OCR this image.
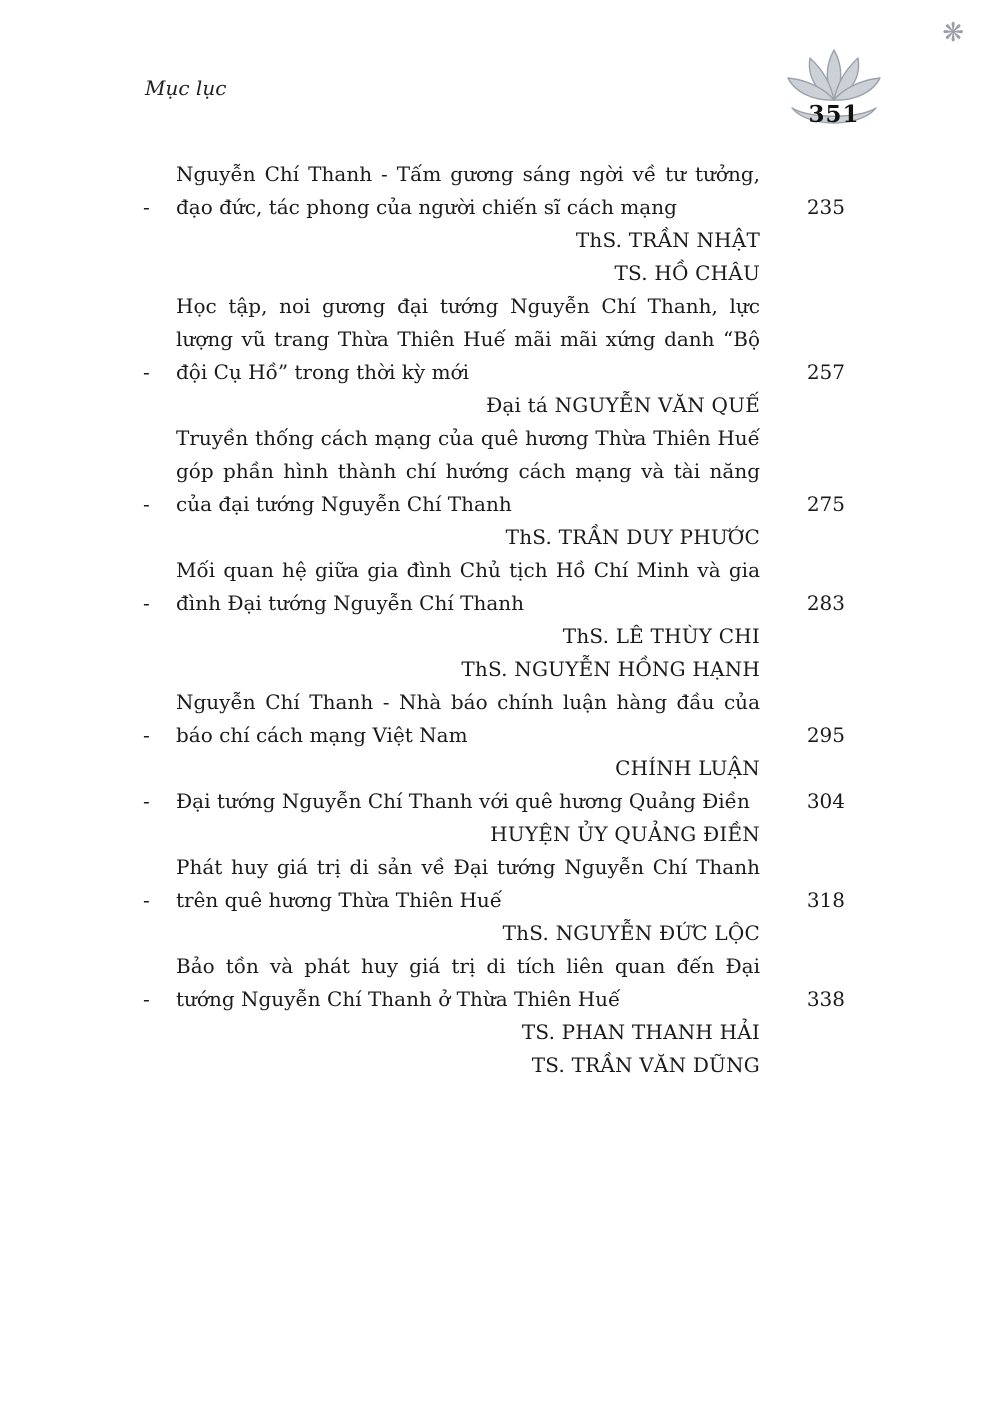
❋
Mục lục
351
-
Nguyễn Chí Thanh - Tấm gương sáng ngời về tư tưởng, đạo đức, tác phong của người chiến sĩ cách mạng	235
ThS. TRẦN NHẬT
TS. HỒ CHÂU
-
Học tập, noi gương đại tướng Nguyễn Chí Thanh, lực lượng vũ trang Thừa Thiên Huế mãi mãi xứng danh “Bộ đội Cụ Hồ” trong thời kỳ mới	257
Đại tá NGUYỄN VĂN QUẾ
-
Truyền thống cách mạng của quê hương Thừa Thiên Huế góp phần hình thành chí hướng cách mạng và tài năng của đại tướng Nguyễn Chí Thanh	275
ThS. TRẦN DUY PHƯỚC
-
Mối quan hệ giữa gia đình Chủ tịch Hồ Chí Minh và gia đình Đại tướng Nguyễn Chí Thanh	283
ThS. LÊ THÙY CHI
ThS. NGUYỄN HỒNG HẠNH
-
Nguyễn Chí Thanh - Nhà báo chính luận hàng đầu của báo chí cách mạng Việt Nam	295
CHÍNH LUẬN
-	Đại tướng Nguyễn Chí Thanh với quê hương Quảng Điền	304
HUYỆN ỦY QUẢNG ĐIỀN
-
Phát huy giá trị di sản về Đại tướng Nguyễn Chí Thanh trên quê hương Thừa Thiên Huế	318
ThS. NGUYỄN ĐỨC LỘC
-
Bảo tồn và phát huy giá trị di tích liên quan đến Đại tướng Nguyễn Chí Thanh ở Thừa Thiên Huế	338
TS. PHAN THANH HẢI
TS. TRẦN VĂN DŨNG
